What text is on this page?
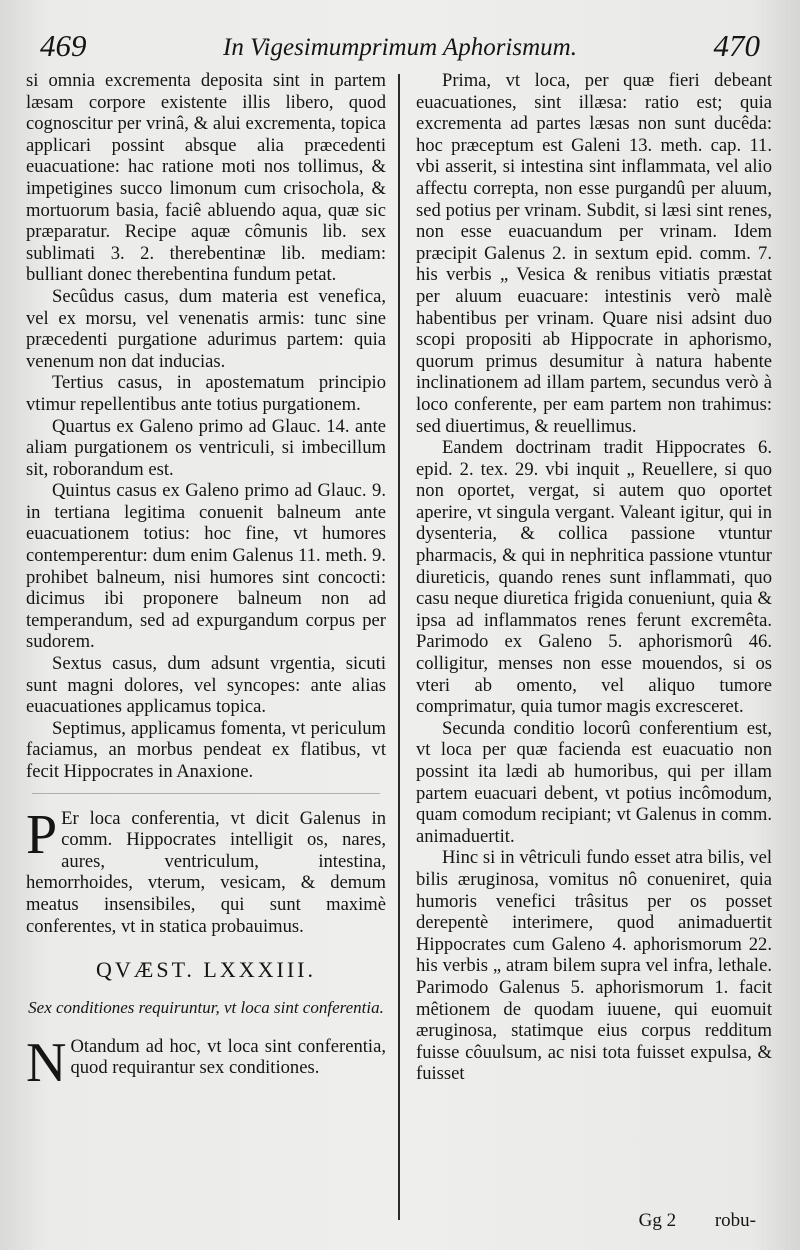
469	In Vigesimumprimum Aphorismum.	470

si omnia excrementa deposita sint in partem læsam corpore existente illis libero, quod cognoscitur per vrinâ, & alui excrementa, topica applicari possint absque alia præcedenti euacuatione: hac ratione moti nos tollimus, & impetigines succo limonum cum crisochola, & mortuorum basia, faciê abluendo aqua, quæ sic præparatur. Recipe aquæ cômunis lib. sex sublimati 3. 2. therebentinæ lib. mediam: bulliant donec therebentina fundum petat.

Secûdus casus, dum materia est venefica, vel ex morsu, vel venenatis armis: tunc sine præcedenti purgatione adurimus partem: quia venenum non dat inducias.

Tertius casus, in apostematum principio vtimur repellentibus ante totius purgationem.

Quartus ex Galeno primo ad Glauc. 14. ante aliam purgationem os ventriculi, si imbecillum sit, roborandum est.

Quintus casus ex Galeno primo ad Glauc. 9. in tertiana legitima conuenit balneum ante euacuationem totius: hoc fine, vt humores contemperentur: dum enim Galenus 11. meth. 9. prohibet balneum, nisi humores sint concocti: dicimus ibi proponere balneum non ad temperandum, sed ad expurgandum corpus per sudorem.

Sextus casus, dum adsunt vrgentia, sicuti sunt magni dolores, vel syncopes: ante alias euacuationes applicamus topica.

Septimus, applicamus fomenta, vt periculum faciamus, an morbus pendeat ex flatibus, vt fecit Hippocrates in Anaxione.

P Er loca conferentia, vt dicit Galenus in comm. Hippocrates intelligit os, nares, aures, ventriculum, intestina, hemorrhoides, vterum, vesicam, & demum meatus insensibiles, qui sunt maximè conferentes, vt in statica probauimus.

QVÆST. LXXXIII.
Sex conditiones requiruntur, vt loca sint conferentia.

N Otandum ad hoc, vt loca sint conferentia, quod requirantur sex conditiones.

Prima, vt loca, per quæ fieri debeant euacuationes, sint illæsa: ratio est; quia excrementa ad partes læsas non sunt ducêda: hoc præceptum est Galeni 13. meth. cap. 11. vbi asserit, si intestina sint inflammata, vel alio affectu correpta, non esse purgandû per aluum, sed potius per vrinam. Subdit, si læsi sint renes, non esse euacuandum per vrinam. Idem præcipit Galenus 2. in sextum epid. comm. 7. his verbis „ Vesica & renibus vitiatis præstat per aluum euacuare: intestinis verò malè habentibus per vrinam. Quare nisi adsint duo scopi propositi ab Hippocrate in aphorismo, quorum primus desumitur à natura habente inclinationem ad illam partem, secundus verò à loco conferente, per eam partem non trahimus: sed diuertimus, & reuellimus.

Eandem doctrinam tradit Hippocrates 6. epid. 2. tex. 29. vbi inquit „ Reuellere, si quo non oportet, vergat, si autem quo oportet aperire, vt singula vergant. Valeant igitur, qui in dysenteria, & collica passione vtuntur pharmacis, & qui in nephritica passione vtuntur diureticis, quando renes sunt inflammati, quo casu neque diuretica frigida conueniunt, quia & ipsa ad inflammatos renes ferunt excremêta. Parimodo ex Galeno 5. aphorismorû 46. colligitur, menses non esse mouendos, si os vteri ab omento, vel aliquo tumore comprimatur, quia tumor magis excresceret.

Secunda conditio locorû conferentium est, vt loca per quæ facienda est euacuatio non possint ita lædi ab humoribus, qui per illam partem euacuari debent, vt potius incômodum, quam comodum recipiant; vt Galenus in comm. animaduertit.

Hinc si in vêtriculi fundo esset atra bilis, vel bilis æruginosa, vomitus nô conueniret, quia humoris venefici trâsitus per os posset derepentè interimere, quod animaduertit Hippocrates cum Galeno 4. aphorismorum 22. his verbis „ atram bilem supra vel infra, lethale. Parimodo Galenus 5. aphorismorum 1. facit mêtionem de quodam iuuene, qui euomuit æruginosa, statimque eius corpus redditum fuisse côuulsum, ac nisi tota fuisset expulsa, & fuisset

Gg 2 robu-
